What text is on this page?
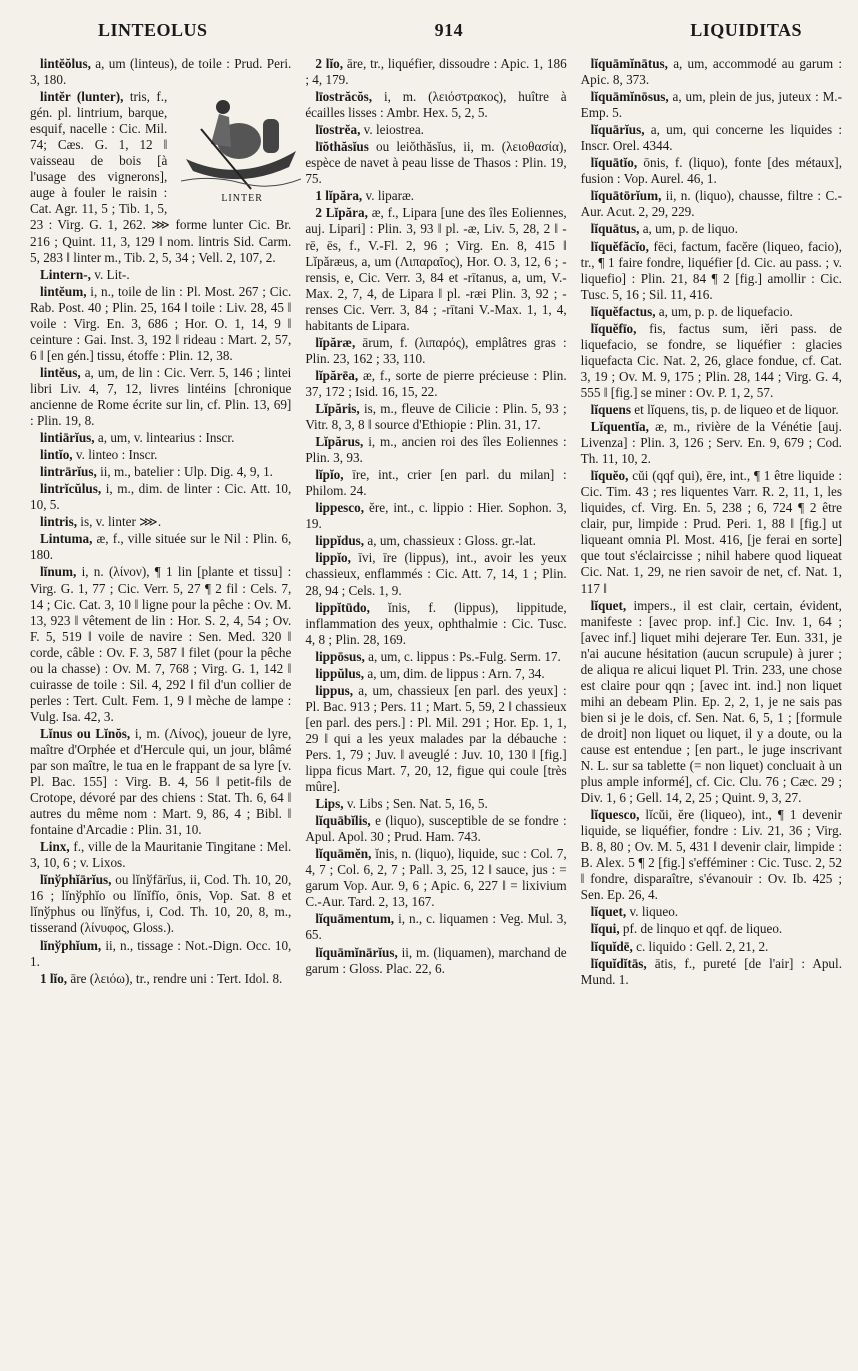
LINTEOLUS	914	LIQUIDITAS
lintĕŏlus, a, um (linteus), de toile : Prud. Peri. 3, 180.
LINTER
lintĕr (lunter), tris, f., gén. pl. lintrium, barque, esquif, nacelle : Cic. Mil. 74; Cæs. G. 1, 12 ‖ vaisseau de bois [à l'usage des vignerons], auge à fouler le raisin : Cat. Agr. 11, 5 ; Tib. 1, 5, 23 : Virg. G. 1, 262. ⋙ forme lunter Cic. Br. 216 ; Quint. 11, 3, 129 ‖ nom. lintris Sid. Carm. 5, 283 ‖ linter m., Tib. 2, 5, 34 ; Vell. 2, 107, 2.
Lintern-, v. Lit-.
lintĕum, i, n., toile de lin : Pl. Most. 267 ; Cic. Rab. Post. 40 ; Plin. 25, 164 ‖ toile : Liv. 28, 45 ‖ voile : Virg. En. 3, 686 ; Hor. O. 1, 14, 9 ‖ ceinture : Gai. Inst. 3, 192 ‖ rideau : Mart. 2, 57, 6 ‖ [en gén.] tissu, étoffe : Plin. 12, 38.
lintĕus, a, um, de lin : Cic. Verr. 5, 146 ; lintei libri Liv. 4, 7, 12, livres lintéins [chronique ancienne de Rome écrite sur lin, cf. Plin. 13, 69] : Plin. 19, 8.
lintiārĭus, a, um, v. lintearius : Inscr.
lintĭo, v. linteo : Inscr.
lintrārĭus, ii, m., batelier : Ulp. Dig. 4, 9, 1.
lintrĭcŭlus, i, m., dim. de linter : Cic. Att. 10, 10, 5.
lintris, is, v. linter ⋙.
Lintuma, æ, f., ville située sur le Nil : Plin. 6, 180.
lĭnum, i, n. (λίνον), ¶ 1 lin [plante et tissu] : Virg. G. 1, 77 ; Cic. Verr. 5, 27 ¶ 2 fil : Cels. 7, 14 ; Cic. Cat. 3, 10 ‖ ligne pour la pêche : Ov. M. 13, 923 ‖ vêtement de lin : Hor. S. 2, 4, 54 ; Ov. F. 5, 519 ‖ voile de navire : Sen. Med. 320 ‖ corde, câble : Ov. F. 3, 587 ‖ filet (pour la pêche ou la chasse) : Ov. M. 7, 768 ; Virg. G. 1, 142 ‖ cuirasse de toile : Sil. 4, 292 ‖ fil d'un collier de perles : Tert. Cult. Fem. 1, 9 ‖ mèche de lampe : Vulg. Isa. 42, 3.
Lĭnus ou Lĭnŏs, i, m. (Λίνος), joueur de lyre, maître d'Orphée et d'Hercule qui, un jour, blâmé par son maître, le tua en le frappant de sa lyre [v. Pl. Bac. 155] : Virg. B. 4, 56 ‖ petit-fils de Crotope, dévoré par des chiens : Stat. Th. 6, 64 ‖ autres du même nom : Mart. 9, 86, 4 ; Bibl. ‖ fontaine d'Arcadie : Plin. 31, 10.
Linx, f., ville de la Mauritanie Tingitane : Mel. 3, 10, 6 ; v. Lixos.
lĭnўphĭārĭus, ou lĭnўfārĭus, ii, Cod. Th. 10, 20, 16 ; lĭnўphĭo ou lĭnĭfĭo, ōnis, Vop. Sat. 8 et lĭnўphus ou lĭnўfus, i, Cod. Th. 10, 20, 8, m., tisserand (λίνυφος, Gloss.).
lĭnўphĭum, ii, n., tissage : Not.-Dign. Occ. 10, 1.
1 lĭo, āre (λειόω), tr., rendre uni : Tert. Idol. 8.
2 lĭo, āre, tr., liquéfier, dissoudre : Apic. 1, 186 ; 4, 179.
līostrăcŏs, i, m. (λειόστρακος), huître à écailles lisses : Ambr. Hex. 5, 2, 5.
līostrĕa, v. leiostrea.
līŏthăsĭus ou leiŏthăsĭus, ii, m. (λειοθασία), espèce de navet à peau lisse de Thasos : Plin. 19, 75.
1 lĭpăra, v. liparæ.
2 Lĭpăra, æ, f., Lipara [une des îles Eoliennes, auj. Lipari] : Plin. 3, 93 ‖ pl. -æ, Liv. 5, 28, 2 ‖ -rē, ēs, f., V.-Fl. 2, 96 ; Virg. En. 8, 415 ‖ Lĭpăræus, a, um (Λιπαραῖος), Hor. O. 3, 12, 6 ; -rensis, e, Cic. Verr. 3, 84 et -rītanus, a, um, V.-Max. 2, 7, 4, de Lipara ‖ pl. -ræi Plin. 3, 92 ; -renses Cic. Verr. 3, 84 ; -rītani V.-Max. 1, 1, 4, habitants de Lipara.
lĭpăræ, ārum, f. (λιπαρός), emplâtres gras : Plin. 23, 162 ; 33, 110.
lĭpărēa, æ, f., sorte de pierre précieuse : Plin. 37, 172 ; Isid. 16, 15, 22.
Lĭpăris, is, m., fleuve de Cilicie : Plin. 5, 93 ; Vitr. 8, 3, 8 ‖ source d'Ethiopie : Plin. 31, 17.
Lĭpărus, i, m., ancien roi des îles Eoliennes : Plin. 3, 93.
lĭpĭo, īre, int., crier [en parl. du milan] : Philom. 24.
lippesco, ĕre, int., c. lippio : Hier. Sophon. 3, 19.
lippĭdus, a, um, chassieux : Gloss. gr.-lat.
lippĭo, īvi, īre (lippus), int., avoir les yeux chassieux, enflammés : Cic. Att. 7, 14, 1 ; Plin. 28, 94 ; Cels. 1, 9.
lippĭtūdo, ĭnis, f. (lippus), lippitude, inflammation des yeux, ophthalmie : Cic. Tusc. 4, 8 ; Plin. 28, 169.
lippōsus, a, um, c. lippus : Ps.-Fulg. Serm. 17.
lippŭlus, a, um, dim. de lippus : Arn. 7, 34.
lippus, a, um, chassieux [en parl. des yeux] : Pl. Bac. 913 ; Pers. 11 ; Mart. 5, 59, 2 ‖ chassieux [en parl. des pers.] : Pl. Mil. 291 ; Hor. Ep. 1, 1, 29 ‖ qui a les yeux malades par la débauche : Pers. 1, 79 ; Juv. ‖ aveuglé : Juv. 10, 130 ‖ [fig.] lippa ficus Mart. 7, 20, 12, figue qui coule [très mûre].
Lips, v. Libs ; Sen. Nat. 5, 16, 5.
lĭquābĭlis, e (liquo), susceptible de se fondre : Apul. Apol. 30 ; Prud. Ham. 743.
lĭquāmĕn, ĭnis, n. (liquo), liquide, suc : Col. 7, 4, 7 ; Col. 6, 2, 7 ; Pall. 3, 25, 12 ‖ sauce, jus : = garum Vop. Aur. 9, 6 ; Apic. 6, 227 ‖ = lixivium C.-Aur. Tard. 2, 13, 167.
lĭquāmentum, i, n., c. liquamen : Veg. Mul. 3, 65.
lĭquāmĭnārĭus, ii, m. (liquamen), marchand de garum : Gloss. Plac. 22, 6.
lĭquāmĭnātus, a, um, accommodé au garum : Apic. 8, 373.
lĭquāmĭnōsus, a, um, plein de jus, juteux : M.-Emp. 5.
lĭquārĭus, a, um, qui concerne les liquides : Inscr. Orel. 4344.
lĭquātĭo, ōnis, f. (liquo), fonte [des métaux], fusion : Vop. Aurel. 46, 1.
lĭquātōrĭum, ii, n. (liquo), chausse, filtre : C.-Aur. Acut. 2, 29, 229.
lĭquātus, a, um, p. de liquo.
lĭquĕfăcĭo, fēci, factum, facĕre (liqueo, facio), tr., ¶ 1 faire fondre, liquéfier [d. Cic. au pass. ; v. liquefio] : Plin. 21, 84 ¶ 2 [fig.] amollir : Cic. Tusc. 5, 16 ; Sil. 11, 416.
lĭquĕfactus, a, um, p. p. de liquefacio.
lĭquĕfīo, fis, factus sum, iĕri pass. de liquefacio, se fondre, se liquéfier : glacies liquefacta Cic. Nat. 2, 26, glace fondue, cf. Cat. 3, 19 ; Ov. M. 9, 175 ; Plin. 28, 144 ; Virg. G. 4, 555 ‖ [fig.] se miner : Ov. P. 1, 2, 57.
lĭquens et lĭquens, tis, p. de liqueo et de liquor.
Lĭquentĭa, æ, m., rivière de la Vénétie [auj. Livenza] : Plin. 3, 126 ; Serv. En. 9, 679 ; Cod. Th. 11, 10, 2.
lĭquĕo, cŭi (qqf qui), ēre, int., ¶ 1 être liquide : Cic. Tim. 43 ; res liquentes Varr. R. 2, 11, 1, les liquides, cf. Virg. En. 5, 238 ; 6, 724 ¶ 2 être clair, pur, limpide : Prud. Peri. 1, 88 ‖ [fig.] ut liqueant omnia Pl. Most. 416, [je ferai en sorte] que tout s'éclaircisse ; nihil habere quod liqueat Cic. Nat. 1, 29, ne rien savoir de net, cf. Nat. 1, 117 ‖
lĭquet, impers., il est clair, certain, évident, manifeste : [avec prop. inf.] Cic. Inv. 1, 64 ; [avec inf.] liquet mihi dejerare Ter. Eun. 331, je n'ai aucune hésitation (aucun scrupule) à jurer ; de aliqua re alicui liquet Pl. Trin. 233, une chose est claire pour qqn ; [avec int. ind.] non liquet mihi an debeam Plin. Ep. 2, 2, 1, je ne sais pas bien si je le dois, cf. Sen. Nat. 6, 5, 1 ; [formule de droit] non liquet ou liquet, il y a doute, ou la cause est entendue ; [en part., le juge inscrivant N. L. sur sa tablette (= non liquet) concluait à un plus ample informé], cf. Cic. Clu. 76 ; Cæc. 29 ; Div. 1, 6 ; Gell. 14, 2, 25 ; Quint. 9, 3, 27.
lĭquesco, lĭcŭi, ĕre (liqueo), int., ¶ 1 devenir liquide, se liquéfier, fondre : Liv. 21, 36 ; Virg. B. 8, 80 ; Ov. M. 5, 431 ‖ devenir clair, limpide : B. Alex. 5 ¶ 2 [fig.] s'efféminer : Cic. Tusc. 2, 52 ‖ fondre, disparaître, s'évanouir : Ov. Ib. 425 ; Sen. Ep. 26, 4.
lĭquet, v. liqueo.
lĭqui, pf. de linquo et qqf. de liqueo.
lĭquĭdē, c. liquido : Gell. 2, 21, 2.
lĭquĭdĭtās, ātis, f., pureté [de l'air] : Apul. Mund. 1.
